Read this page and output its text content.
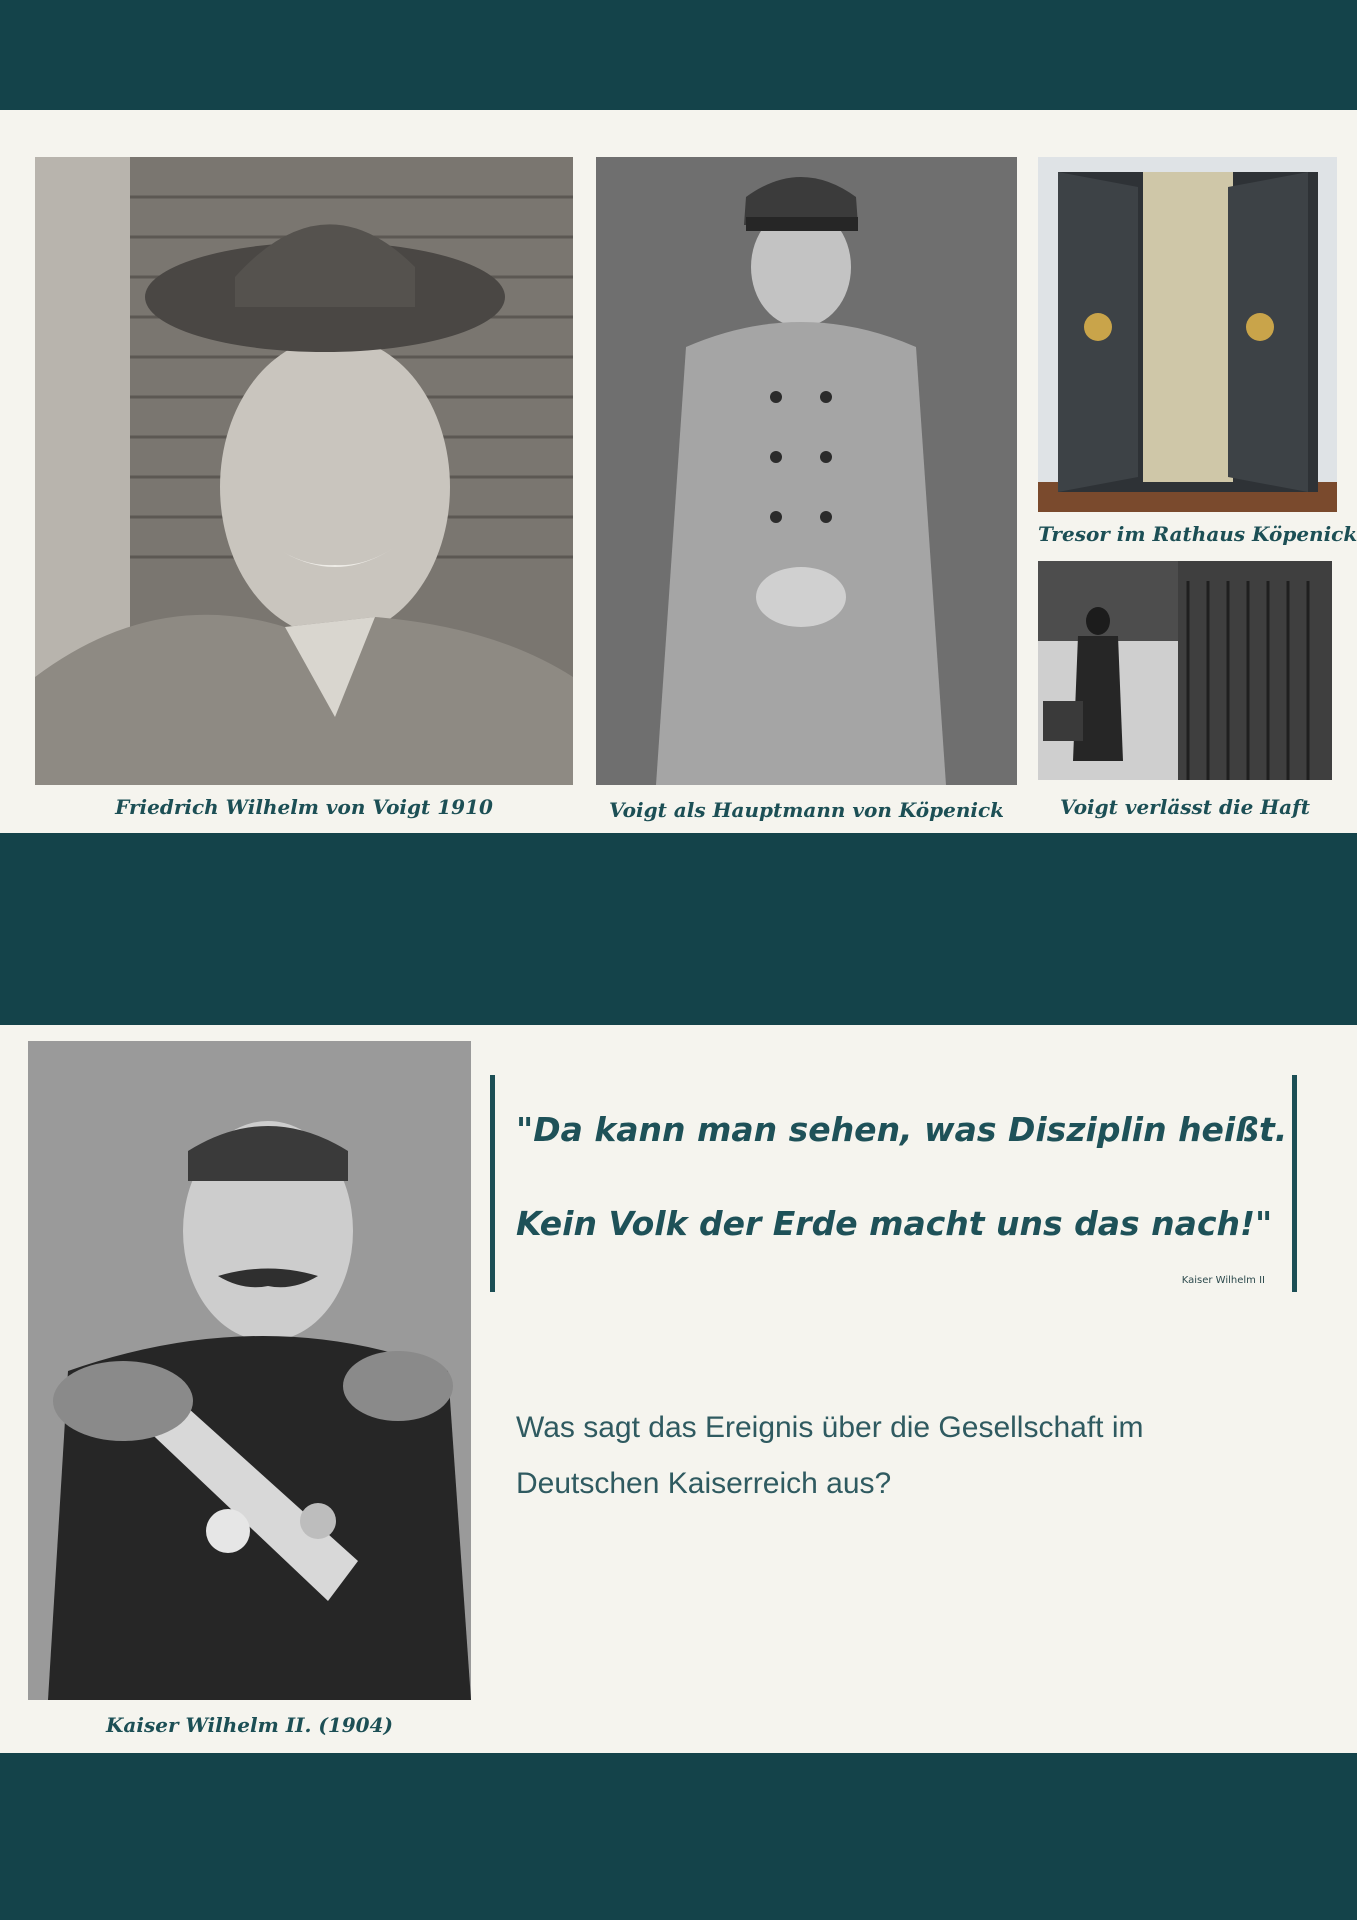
Tresor im Rathaus Köpenick
Friedrich Wilhelm von Voigt 1910	Voigt als Hauptmann von Köpenick	Voigt verlässt die Haft
Kaiser Wilhelm II. (1904)
"Da kann man sehen, was Disziplin heißt.
Kein Volk der Erde macht uns das nach!"
Kaiser Wilhelm II
Was sagt das Ereignis über die Gesellschaft im
Deutschen Kaiserreich aus?
